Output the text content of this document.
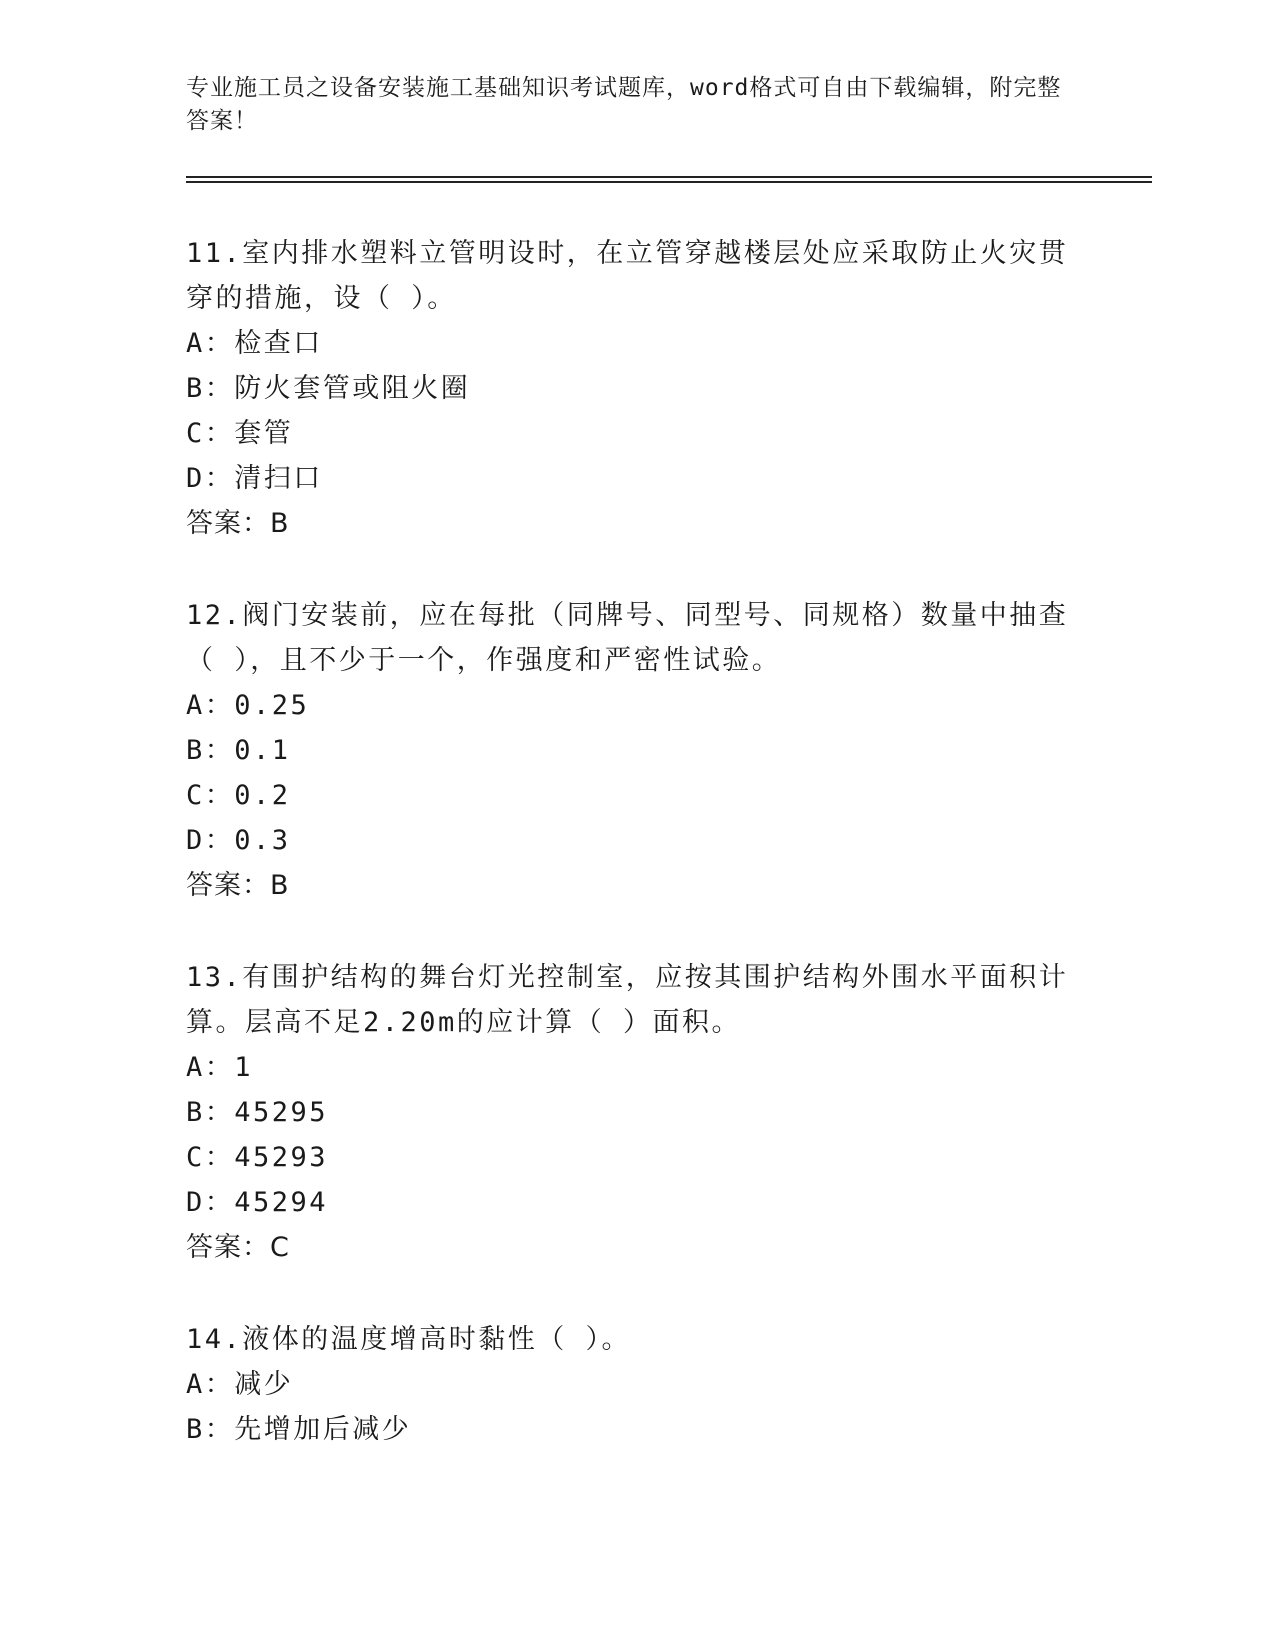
专业施工员之设备安装施工基础知识考试题库，word格式可自由下载编辑，附完整答案！

11.室内排水塑料立管明设时，在立管穿越楼层处应采取防止火灾贯穿的措施，设（ ）。

A：检查口

B：防火套管或阻火圈

C：套管

D：清扫口

答案：B

12.阀门安装前，应在每批（同牌号、同型号、同规格）数量中抽查（ ），且不少于一个，作强度和严密性试验。

A：0.25

B：0.1

C：0.2

D：0.3

答案：B

13.有围护结构的舞台灯光控制室，应按其围护结构外围水平面积计算。层高不足2.20m的应计算（ ）面积。

A：1

B：45295

C：45293

D：45294

答案：C

14.液体的温度增高时黏性（ ）。

A：减少

B：先增加后减少
